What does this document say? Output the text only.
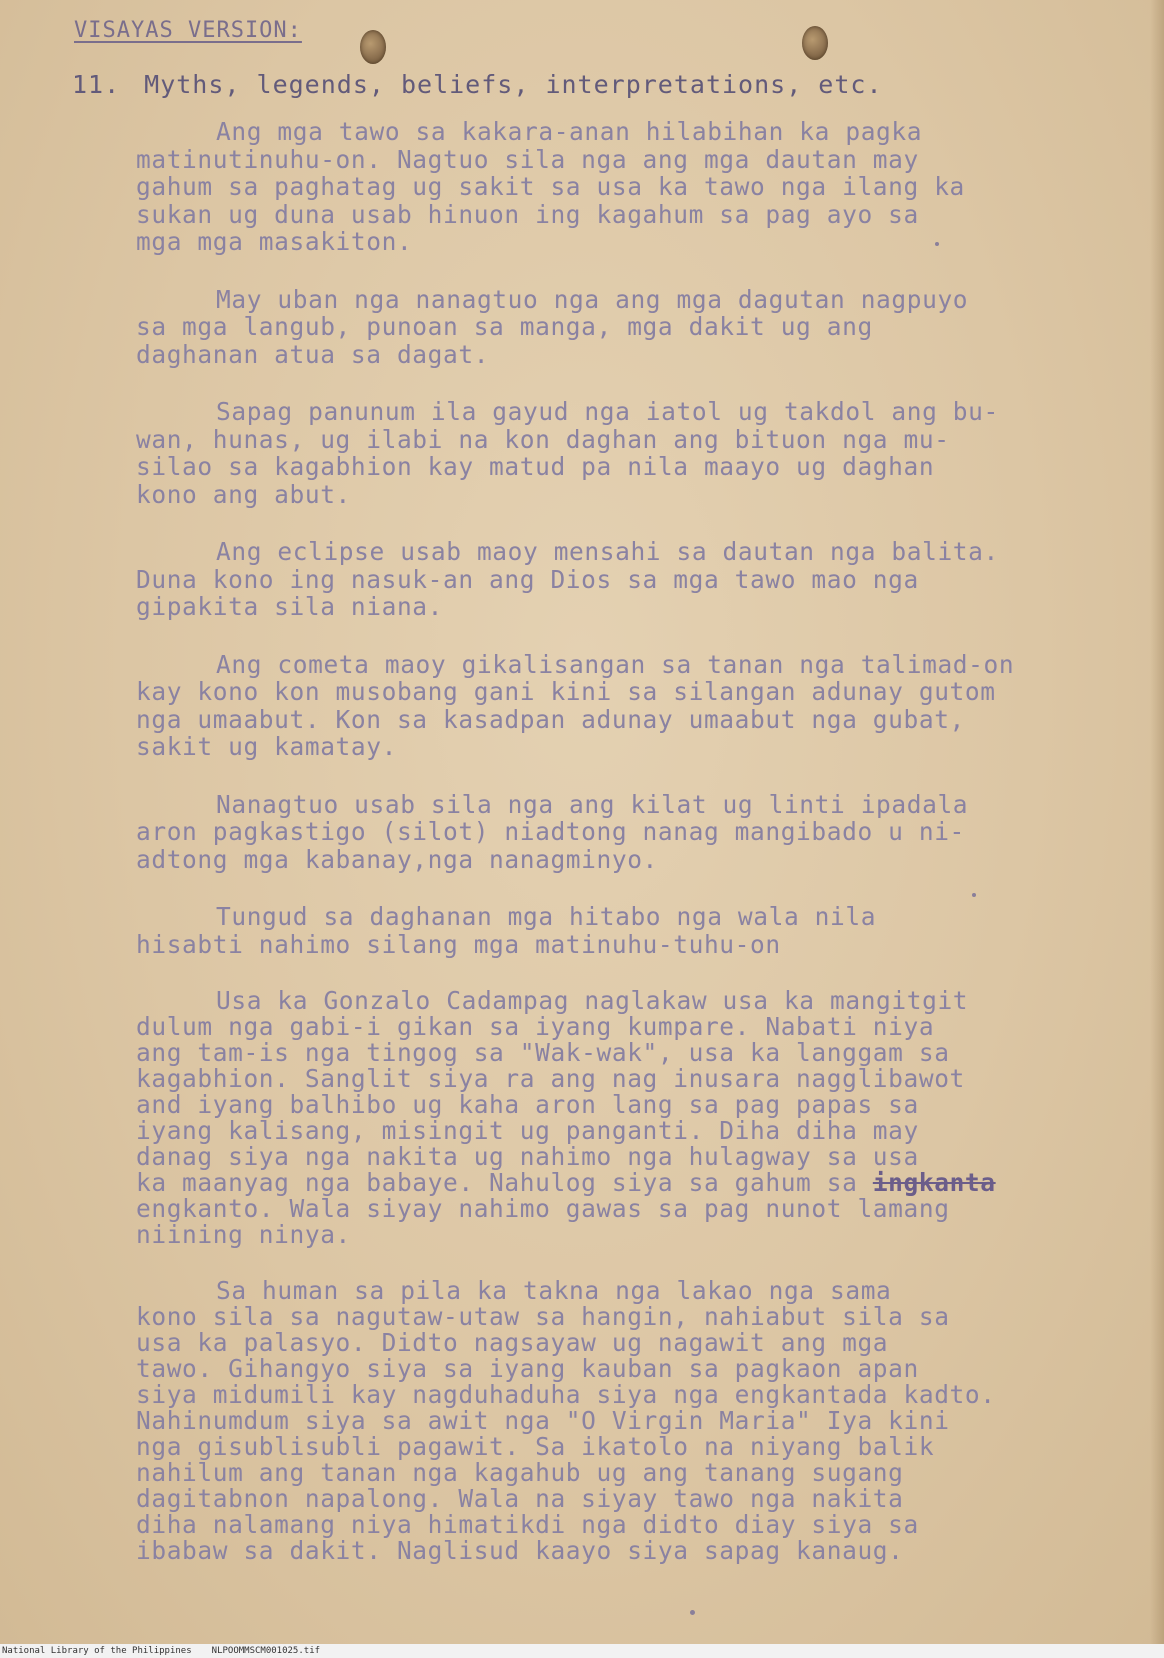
VISAYAS VERSION:
11. Myths, legends, beliefs, interpretations, etc.
Ang mga tawo sa kakara-anan hilabihan ka pagka
matinutinuhu-on. Nagtuo sila nga ang mga dautan may
gahum sa paghatag ug sakit sa usa ka tawo nga ilang ka
sukan ug duna usab hinuon ing kagahum sa pag ayo sa
mga mga masakiton.
May uban nga nanagtuo nga ang mga dagutan nagpuyo
sa mga langub, punoan sa manga, mga dakit ug ang
daghanan atua sa dagat.
Sapag panunum ila gayud nga iatol ug takdol ang bu-
wan, hunas, ug ilabi na kon daghan ang bituon nga mu-
silao sa kagabhion kay matud pa nila maayo ug daghan
kono ang abut.
Ang eclipse usab maoy mensahi sa dautan nga balita.
Duna kono ing nasuk-an ang Dios sa mga tawo mao nga
gipakita sila niana.
Ang cometa maoy gikalisangan sa tanan nga talimad-on
kay kono kon musobang gani kini sa silangan adunay gutom
nga umaabut. Kon sa kasadpan adunay umaabut nga gubat,
sakit ug kamatay.
Nanagtuo usab sila nga ang kilat ug linti ipadala
aron pagkastigo (silot) niadtong nanag mangibado u ni-
adtong mga kabanay,nga nanagminyo.
Tungud sa daghanan mga hitabo nga wala nila
hisabti nahimo silang mga matinuhu-tuhu-on
Usa ka Gonzalo Cadampag naglakaw usa ka mangitgit
dulum nga gabi-i gikan sa iyang kumpare. Nabati niya
ang tam-is nga tingog sa "Wak-wak", usa ka langgam sa
kagabhion. Sanglit siya ra ang nag inusara nagglibawot
and iyang balhibo ug kaha aron lang sa pag papas sa
iyang kalisang, misingit ug panganti. Diha diha may
danag siya nga nakita ug nahimo nga hulagway sa usa
ka maanyag nga babaye. Nahulog siya sa gahum sa ingkanta
engkanto. Wala siyay nahimo gawas sa pag nunot lamang
niining ninya.
Sa human sa pila ka takna nga lakao nga sama
kono sila sa nagutaw-utaw sa hangin, nahiabut sila sa
usa ka palasyo. Didto nagsayaw ug nagawit ang mga
tawo. Gihangyo siya sa iyang kauban sa pagkaon apan
siya midumili kay nagduhaduha siya nga engkantada kadto.
Nahinumdum siya sa awit nga "O Virgin Maria" Iya kini
nga gisublisubli pagawit. Sa ikatolo na niyang balik
nahilum ang tanan nga kagahub ug ang tanang sugang
dagitabnon napalong. Wala na siyay tawo nga nakita
diha nalamang niya himatikdi nga didto diay siya sa
ibabaw sa dakit. Naglisud kaayo siya sapag kanaug.
National Library of the Philippines NLPOOMMSCM001025.tif
